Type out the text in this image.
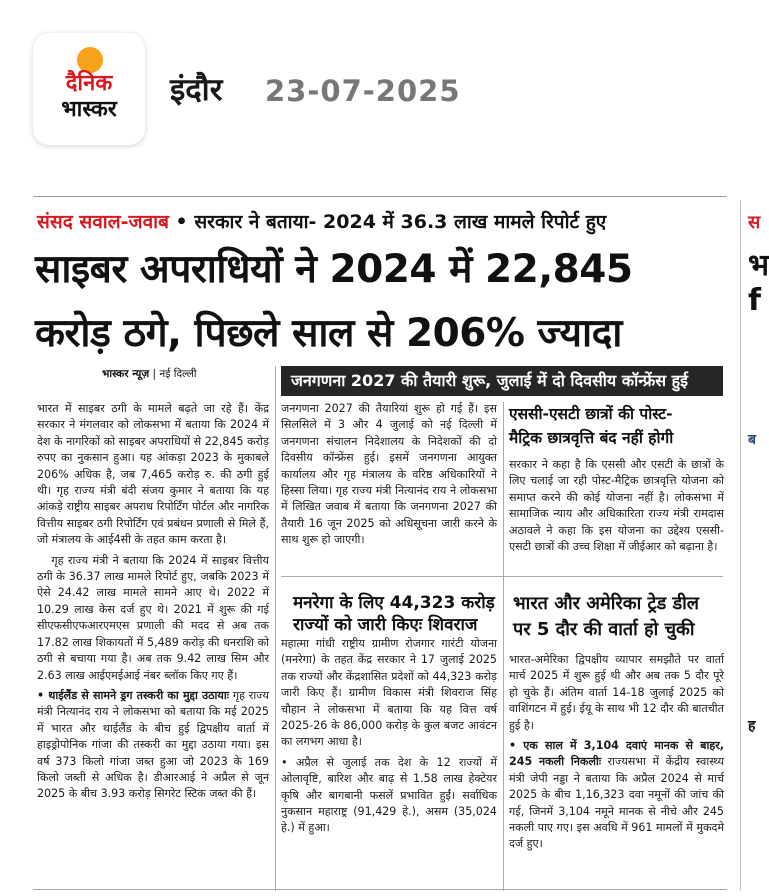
दैनिक
भास्कर
इंदौर 23-07-2025
संसद सवाल-जवाब • सरकार ने बताया- 2024 में 36.3 लाख मामले रिपोर्ट हुए
साइबर अपराधियों ने 2024 में 22,845
करोड़ ठगे, पिछले साल से 206% ज्यादा
भास्कर न्यूज़ | नई दिल्ली

भारत में साइबर ठगी के मामले बढ़ते जा रहे हैं। केंद्र सरकार ने मंगलवार को लोकसभा में बताया कि 2024 में देश के नागरिकों को साइबर अपराधियों से 22,845 करोड़ रुपए का नुकसान हुआ। यह आंकड़ा 2023 के मुकाबले 206% अधिक है, जब 7,465 करोड़ रु. की ठगी हुई थी। गृह राज्य मंत्री बंदी संजय कुमार ने बताया कि यह आंकड़े राष्ट्रीय साइबर अपराध रिपोर्टिंग पोर्टल और नागरिक वित्तीय साइबर ठगी रिपोर्टिंग एवं प्रबंधन प्रणाली से मिले हैं, जो मंत्रालय के आई4सी के तहत काम करता है।

गृह राज्य मंत्री ने बताया कि 2024 में साइबर वित्तीय ठगी के 36.37 लाख मामले रिपोर्ट हुए, जबकि 2023 में ऐसे 24.42 लाख मामले सामने आए थे। 2022 में 10.29 लाख केस दर्ज हुए थे। 2021 में शुरू की गई सीएफसीएफआरएमएस प्रणाली की मदद से अब तक 17.82 लाख शिकायतों में 5,489 करोड़ की धनराशि को ठगी से बचाया गया है। अब तक 9.42 लाख सिम और 2.63 लाख आईएमईआई नंबर ब्लॉक किए गए हैं।

• थाईलैंड से सामने ड्रग तस्करी का मुद्दा उठायाः गृह राज्य मंत्री नित्यानंद राय ने लोकसभा को बताया कि मई 2025 में भारत और थाईलैंड के बीच हुई द्विपक्षीय वार्ता में हाइड्रोपोनिक गांजा की तस्करी का मुद्दा उठाया गया। इस वर्ष 373 किलो गांजा जब्त हुआ जो 2023 के 169 किलो जब्ती से अधिक है। डीआरआई ने अप्रैल से जून 2025 के बीच 3.93 करोड़ सिगरेट स्टिक जब्त की हैं।

जनगणना 2027 की तैयारी शुरू, जुलाई में दो दिवसीय कॉन्फ्रेंस हुई

जनगणना 2027 की तैयारियां शुरू हो गई हैं। इस सिलसिले में 3 और 4 जुलाई को नई दिल्ली में जनगणना संचालन निदेशालय के निदेशकों की दो दिवसीय कॉन्फ्रेंस हुई। इसमें जनगणना आयुक्त कार्यालय और गृह मंत्रालय के वरिष्ठ अधिकारियों ने हिस्सा लिया। गृह राज्य मंत्री नित्यानंद राय ने लोकसभा में लिखित जवाब में बताया कि जनगणना 2027 की तैयारी 16 जून 2025 को अधिसूचना जारी करने के साथ शुरू हो जाएगी।

एससी-एसटी छात्रों की पोस्ट-
मैट्रिक छात्रवृत्ति बंद नहीं होगी

सरकार ने कहा है कि एससी और एसटी के छात्रों के लिए चलाई जा रही पोस्ट-मैट्रिक छात्रवृत्ति योजना को समाप्त करने की कोई योजना नहीं है। लोकसभा में सामाजिक न्याय और अधिकारिता राज्य मंत्री रामदास अठावले ने कहा कि इस योजना का उद्देश्य एससी-एसटी छात्रों की उच्च शिक्षा में जीईआर को बढ़ाना है।

मनरेगा के लिए 44,323 करोड़
राज्यों को जारी किएः शिवराज

महात्मा गांधी राष्ट्रीय ग्रामीण रोजगार गारंटी योजना (मनरेगा) के तहत केंद्र सरकार ने 17 जुलाई 2025 तक राज्यों और केंद्रशासित प्रदेशों को 44,323 करोड़ जारी किए हैं। ग्रामीण विकास मंत्री शिवराज सिंह चौहान ने लोकसभा में बताया कि यह वित्त वर्ष 2025-26 के 86,000 करोड़ के कुल बजट आवंटन का लगभग आधा है।

• अप्रैल से जुलाई तक देश के 12 राज्यों में ओलावृष्टि, बारिश और बाढ़ से 1.58 लाख हेक्टेयर कृषि और बागबानी फसलें प्रभावित हुईं। सर्वाधिक नुकसान महाराष्ट्र (91,429 हे.), असम (35,024 हे.) में हुआ।

भारत और अमेरिका ट्रेड डील
पर 5 दौर की वार्ता हो चुकी

भारत-अमेरिका द्विपक्षीय व्यापार समझौते पर वार्ता मार्च 2025 में शुरू हुई थी और अब तक 5 दौर पूरे हो चुके हैं। अंतिम वार्ता 14-18 जुलाई 2025 को वाशिंगटन में हुई। ईयू के साथ भी 12 दौर की बातचीत हुई है।

• एक साल में 3,104 दवाएं मानक से बाहर, 245 नकली निकलीः राज्यसभा में केंद्रीय स्वास्थ्य मंत्री जेपी नड्डा ने बताया कि अप्रैल 2024 से मार्च 2025 के बीच 1,16,323 दवा नमूनों की जांच की गई, जिनमें 3,104 नमूने मानक से नीचे और 245 नकली पाए गए। इस अवधि में 961 मामलों में मुकदमे दर्ज हुए।

स
भ
f
ब
ह
